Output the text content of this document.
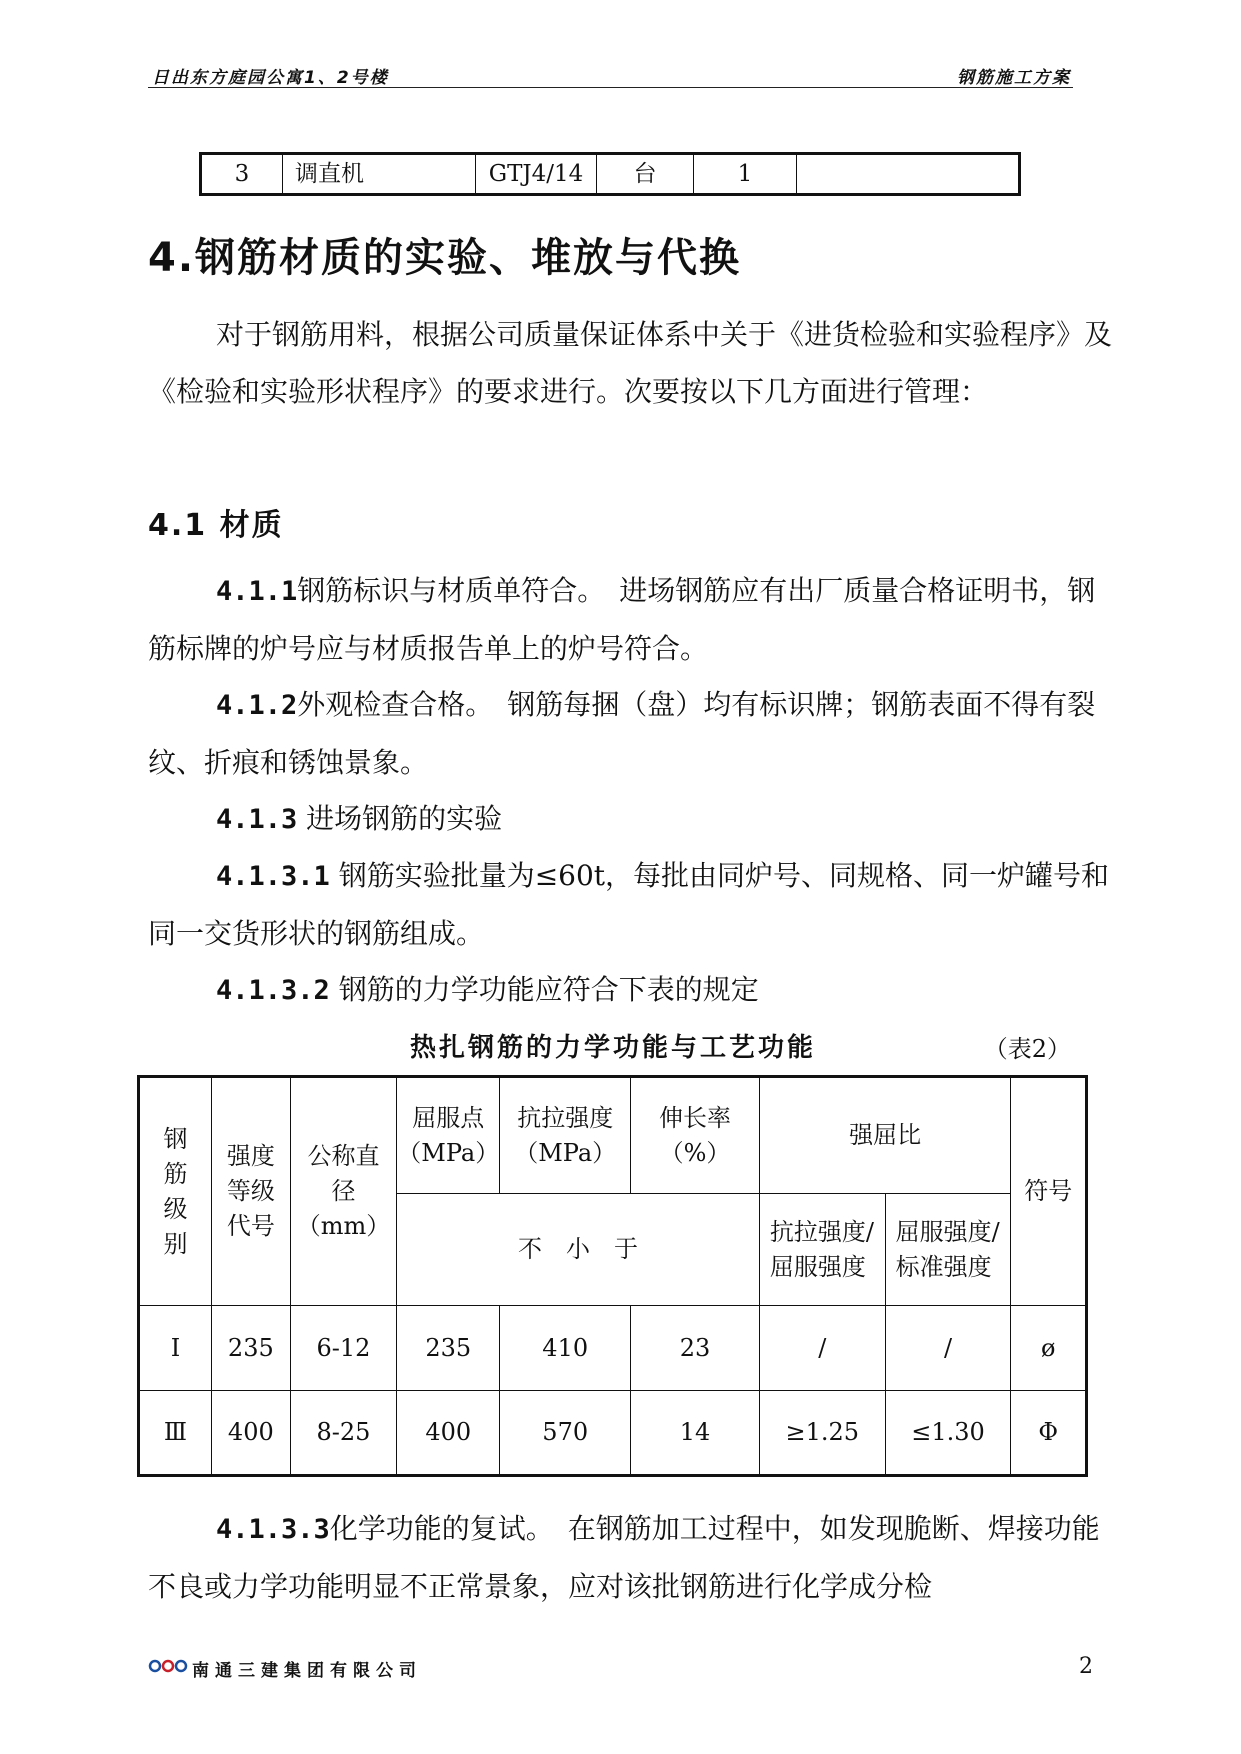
日出东方庭园公寓1、2号楼	钢筋施工方案
3	调直机	GTJ4/14	台	1	
4.钢筋材质的实验、堆放与代换

对于钢筋用料，根据公司质量保证体系中关于《进货检验和实验程序》及《检验和实验形状程序》的要求进行。次要按以下几方面进行管理：

4.1 材质

4.1.1钢筋标识与材质单符合。　进场钢筋应有出厂质量合格证明书，钢筋标牌的炉号应与材质报告单上的炉号符合。

4.1.2外观检查合格。　钢筋每捆（盘）均有标识牌；钢筋表面不得有裂纹、折痕和锈蚀景象。

4.1.3 进场钢筋的实验

4.1.3.1 钢筋实验批量为≤60t，每批由同炉号、同规格、同一炉罐号和同一交货形状的钢筋组成。

4.1.3.2 钢筋的力学功能应符合下表的规定

热扎钢筋的力学功能与工艺功能	（表2）
钢筋级别	强度等级代号	公称直径（mm）	屈服点（MPa）	抗拉强度（MPa）	伸长率（%）	强屈比		符号
			不　小　于			抗拉强度/屈服强度	屈服强度/标准强度	
Ⅰ	235	6-12	235	410	23	/	/	ø
Ⅲ	400	8-25	400	570	14	≥1.25	≤1.30	Φ

4.1.3.3化学功能的复试。　在钢筋加工过程中，如发现脆断、焊接功能不良或力学功能明显不正常景象，应对该批钢筋进行化学成分检

南通三建集团有限公司	2
